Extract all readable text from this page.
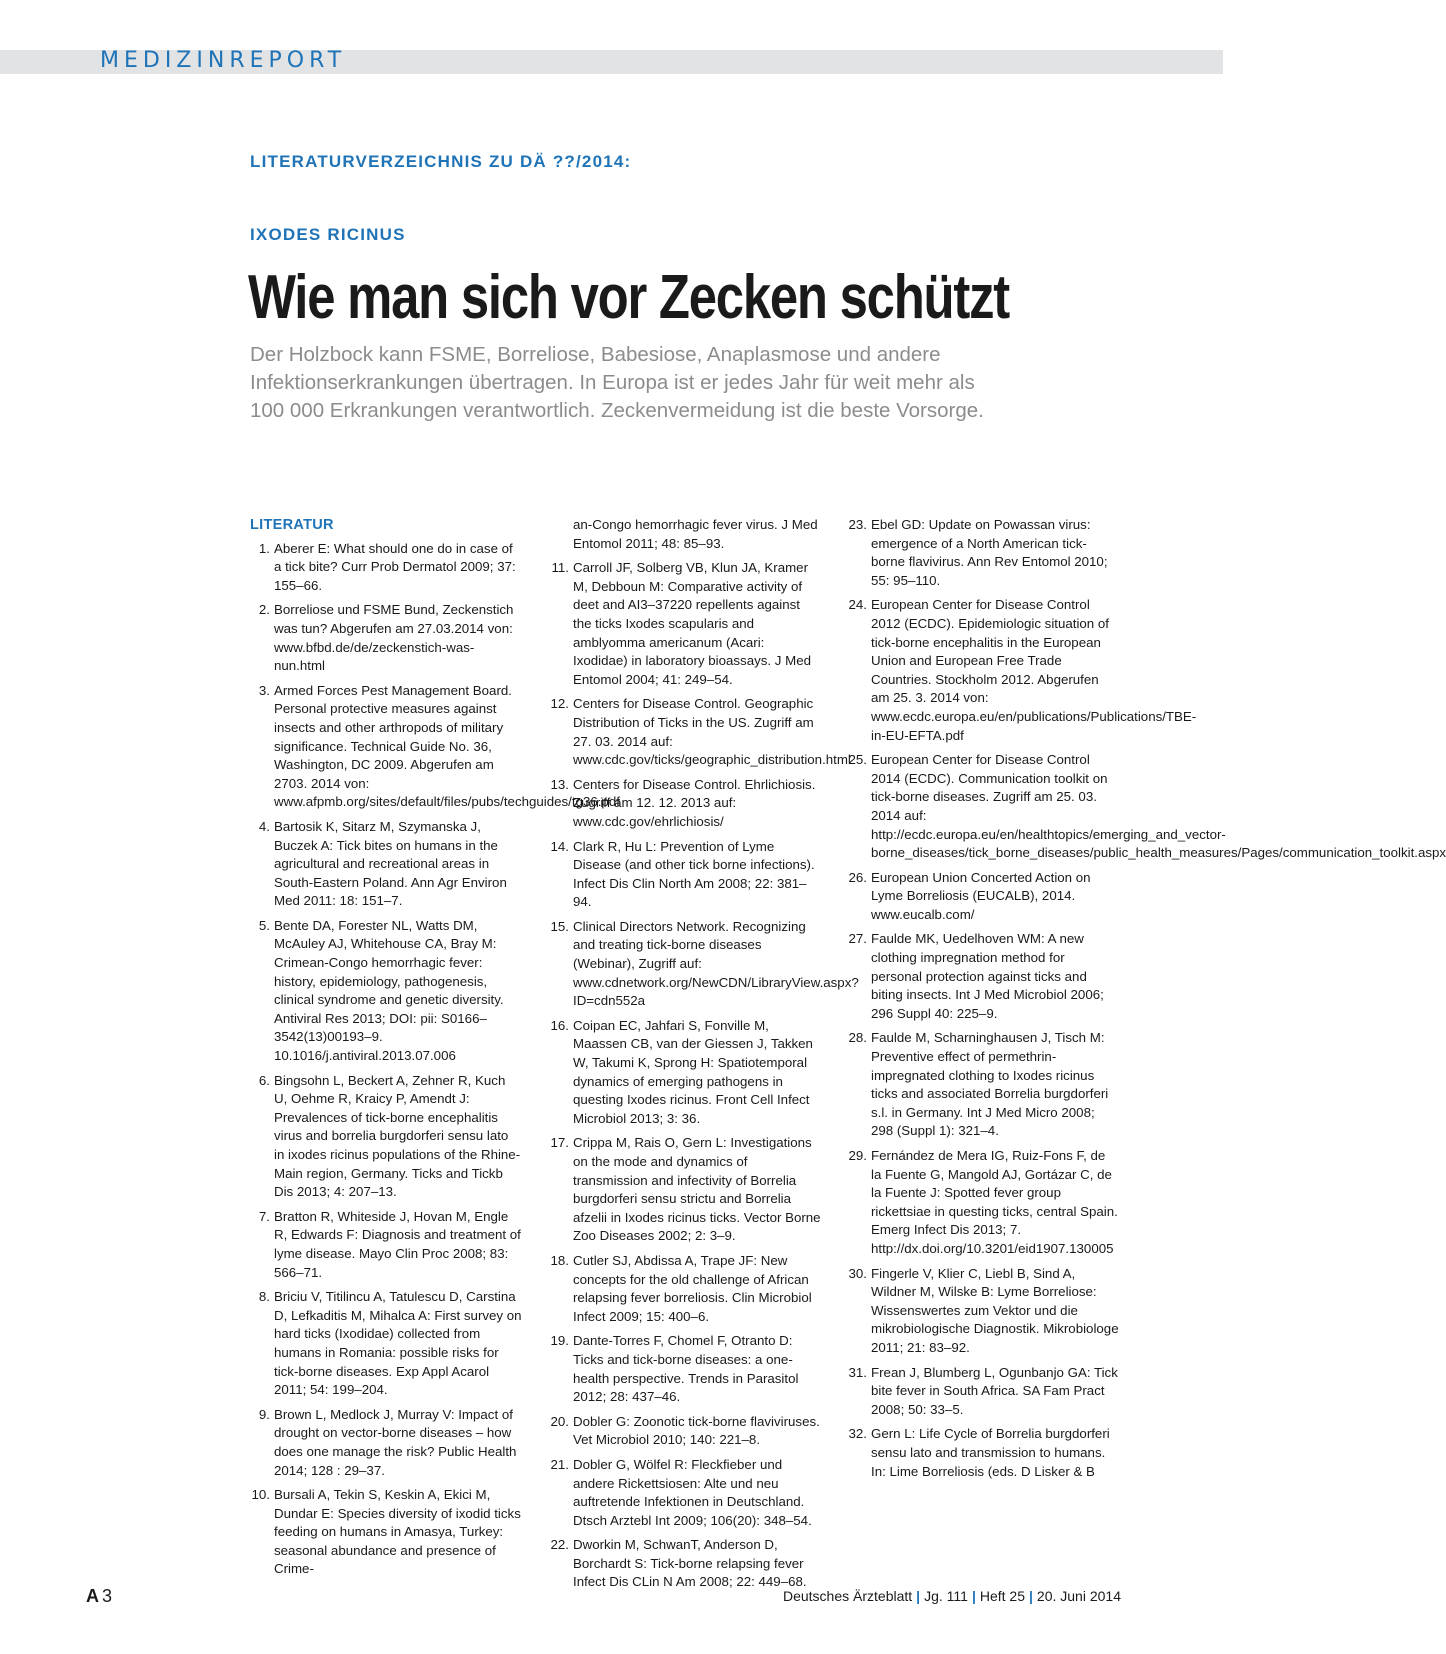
MEDIZINREPORT
LITERATURVERZEICHNIS ZU DÄ ??/2014:
IXODES RICINUS
Wie man sich vor Zecken schützt
Der Holzbock kann FSME, Borreliose, Babesiose, Anaplasmose und andere
Infektionserkrankungen übertragen. In Europa ist er jedes Jahr für weit mehr als
100 000 Erkrankungen verantwortlich. Zeckenvermeidung ist die beste Vorsorge.
LITERATUR
1. Aberer E: What should one do in case of a tick bite? Curr Prob Dermatol 2009; 37: 155–66.
2. Borreliose und FSME Bund, Zeckenstich was tun? Abgerufen am 27.03.2014 von: www.bfbd.de/de/zeckenstich-was-nun.html
3. Armed Forces Pest Management Board. Personal protective measures against insects and other arthropods of military significance. Technical Guide No. 36, Washington, DC 2009. Abgerufen am 2703. 2014 von: www.afpmb.org/sites/default/files/pubs/techguides/tg36.pdf
4. Bartosik K, Sitarz M, Szymanska J, Buczek A: Tick bites on humans in the agricultural and recreational areas in South-Eastern Poland. Ann Agr Environ Med 2011: 18: 151–7.
5. Bente DA, Forester NL, Watts DM, McAuley AJ, Whitehouse CA, Bray M: Crimean-Congo hemorrhagic fever: history, epidemiology, pathogenesis, clinical syndrome and genetic diversity. Antiviral Res 2013; DOI: pii: S0166–3542(13)00193–9. 10.1016/j.antiviral.2013.07.006
6. Bingsohn L, Beckert A, Zehner R, Kuch U, Oehme R, Kraicy P, Amendt J: Prevalences of tick-borne encephalitis virus and borrelia burgdorferi sensu lato in ixodes ricinus populations of the Rhine-Main region, Germany. Ticks and Tickb Dis 2013; 4: 207–13.
7. Bratton R, Whiteside J, Hovan M, Engle R, Edwards F: Diagnosis and treatment of lyme disease. Mayo Clin Proc 2008; 83: 566–71.
8. Briciu V, Titilincu A, Tatulescu D, Carstina D, Lefkaditis M, Mihalca A: First survey on hard ticks (Ixodidae) collected from humans in Romania: possible risks for tick-borne diseases. Exp Appl Acarol 2011; 54: 199–204.
9. Brown L, Medlock J, Murray V: Impact of drought on vector-borne diseases – how does one manage the risk? Public Health 2014; 128 : 29–37.
10. Bursali A, Tekin S, Keskin A, Ekici M, Dundar E: Species diversity of ixodid ticks feeding on humans in Amasya, Turkey: seasonal abundance and presence of Crime-
an-Congo hemorrhagic fever virus. J Med Entomol 2011; 48: 85–93.
11. Carroll JF, Solberg VB, Klun JA, Kramer M, Debboun M: Comparative activity of deet and AI3–37220 repellents against the ticks Ixodes scapularis and amblyomma americanum (Acari: Ixodidae) in laboratory bioassays. J Med Entomol 2004; 41: 249–54.
12. Centers for Disease Control. Geographic Distribution of Ticks in the US. Zugriff am 27. 03. 2014 auf: www.cdc.gov/ticks/geographic_distribution.html
13. Centers for Disease Control. Ehrlichiosis. Zugriff am 12. 12. 2013 auf: www.cdc.gov/ehrlichiosis/
14. Clark R, Hu L: Prevention of Lyme Disease (and other tick borne infections). Infect Dis Clin North Am 2008; 22: 381–94.
15. Clinical Directors Network. Recognizing and treating tick-borne diseases (Webinar), Zugriff auf: www.cdnetwork.org/NewCDN/LibraryView.aspx?ID=cdn552a
16. Coipan EC, Jahfari S, Fonville M, Maassen CB, van der Giessen J, Takken W, Takumi K, Sprong H: Spatiotemporal dynamics of emerging pathogens in questing Ixodes ricinus. Front Cell Infect Microbiol 2013; 3: 36.
17. Crippa M, Rais O, Gern L: Investigations on the mode and dynamics of transmission and infectivity of Borrelia burgdorferi sensu strictu and Borrelia afzelii in Ixodes ricinus ticks. Vector Borne Zoo Diseases 2002; 2: 3–9.
18. Cutler SJ, Abdissa A, Trape JF: New concepts for the old challenge of African relapsing fever borreliosis. Clin Microbiol Infect 2009; 15: 400–6.
19. Dante-Torres F, Chomel F, Otranto D: Ticks and tick-borne diseases: a one-health perspective. Trends in Parasitol 2012; 28: 437–46.
20. Dobler G: Zoonotic tick-borne flaviviruses. Vet Microbiol 2010; 140: 221–8.
21. Dobler G, Wölfel R: Fleckfieber und andere Rickettsiosen: Alte und neu auftretende Infektionen in Deutschland. Dtsch Arztebl Int 2009; 106(20): 348–54.
22. Dworkin M, SchwanT, Anderson D, Borchardt S: Tick-borne relapsing fever Infect Dis CLin N Am 2008; 22: 449–68.
23. Ebel GD: Update on Powassan virus: emergence of a North American tick-borne flavivirus. Ann Rev Entomol 2010; 55: 95–110.
24. European Center for Disease Control 2012 (ECDC). Epidemiologic situation of tick-borne encephalitis in the European Union and European Free Trade Countries. Stockholm 2012. Abgerufen am 25. 3. 2014 von: www.ecdc.europa.eu/en/publications/Publications/TBE-in-EU-EFTA.pdf
25. European Center for Disease Control 2014 (ECDC). Communication toolkit on tick-borne diseases. Zugriff am 25. 03. 2014 auf: http://ecdc.europa.eu/en/healthtopics/emerging_and_vector-borne_diseases/tick_borne_diseases/public_health_measures/Pages/communication_toolkit.aspx
26. European Union Concerted Action on Lyme Borreliosis (EUCALB), 2014. www.eucalb.com/
27. Faulde MK, Uedelhoven WM: A new clothing impregnation method for personal protection against ticks and biting insects. Int J Med Microbiol 2006; 296 Suppl 40: 225–9.
28. Faulde M, Scharninghausen J, Tisch M: Preventive effect of permethrin-impregnated clothing to Ixodes ricinus ticks and associated Borrelia burgdorferi s.l. in Germany. Int J Med Micro 2008; 298 (Suppl 1): 321–4.
29. Fernández de Mera IG, Ruiz-Fons F, de la Fuente G, Mangold AJ, Gortázar C, de la Fuente J: Spotted fever group rickettsiae in questing ticks, central Spain. Emerg Infect Dis 2013; 7. http://dx.doi.org/10.3201/eid1907.130005
30. Fingerle V, Klier C, Liebl B, Sind A, Wildner M, Wilske B: Lyme Borreliose: Wissenswertes zum Vektor und die mikrobiologische Diagnostik. Mikrobiologe 2011; 21: 83–92.
31. Frean J, Blumberg L, Ogunbanjo GA: Tick bite fever in South Africa. SA Fam Pract 2008; 50: 33–5.
32. Gern L: Life Cycle of Borrelia burgdorferi sensu lato and transmission to humans. In: Lime Borreliosis (eds. D Lisker & B
A 3	Deutsches Ärzteblatt | Jg. 111 | Heft 25 | 20. Juni 2014
